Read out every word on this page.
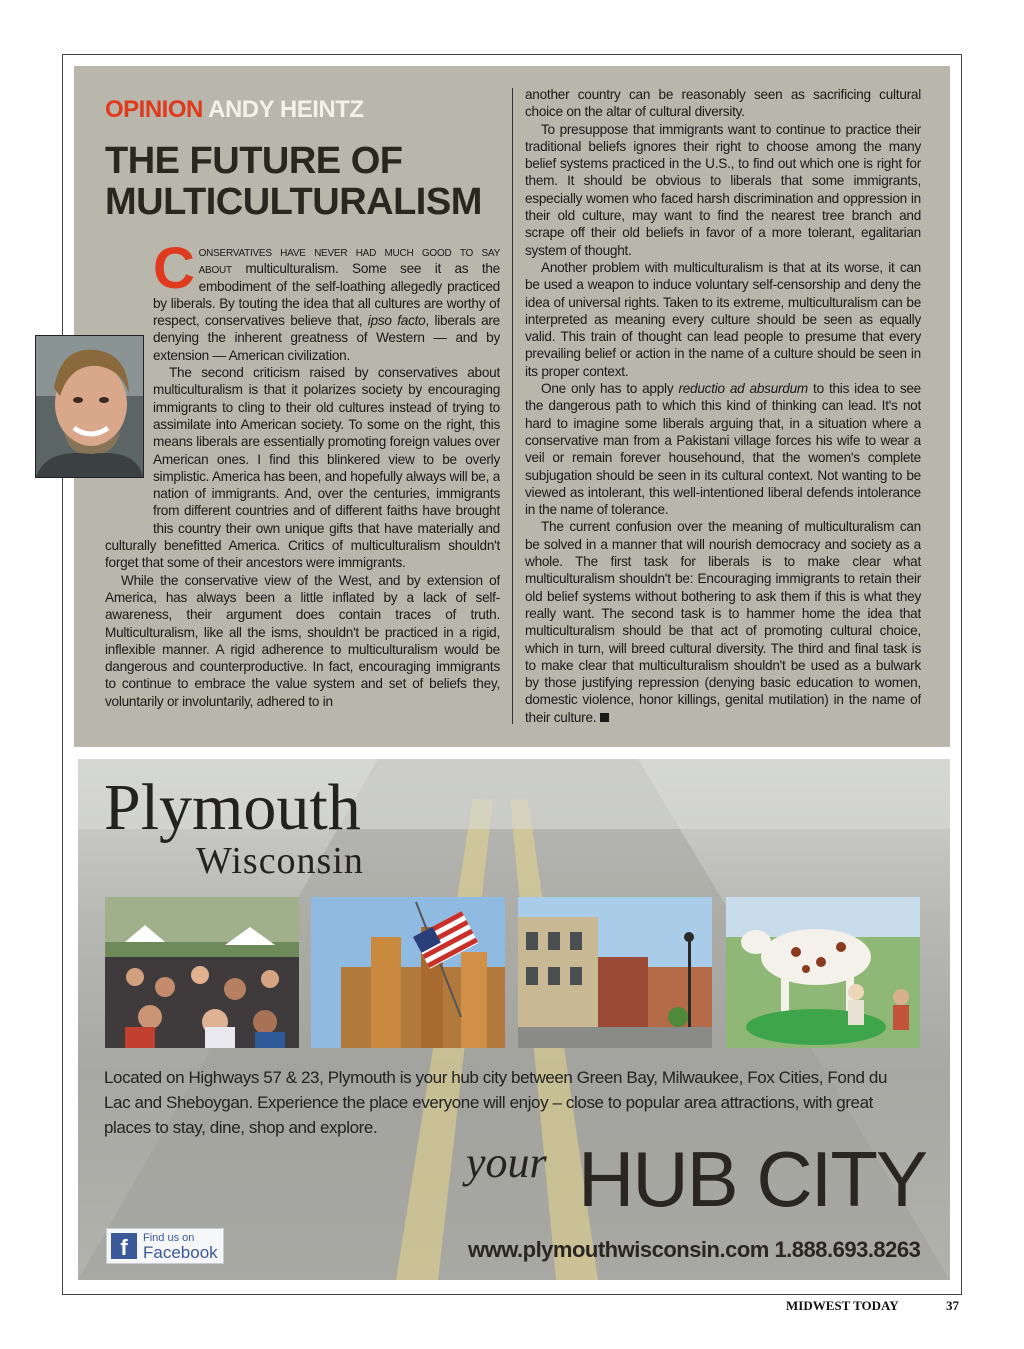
OPINION ANDY HEINTZ
THE FUTURE OF
MULTICULTURALISM

Conservatives have never had much good to say about multiculturalism. Some see it as the embodiment of the self-loathing allegedly practiced by liberals. By touting the idea that all cultures are worthy of respect, conservatives believe that, ipso facto, liberals are denying the inherent greatness of Western — and by extension — American civilization.

The second criticism raised by conservatives about multiculturalism is that it polarizes society by encouraging immigrants to cling to their old cultures instead of trying to assimilate into American society. To some on the right, this means liberals are essentially promoting foreign values over American ones. I find this blinkered view to be overly simplistic. America has been, and hopefully always will be, a nation of immigrants. And, over the centuries, immigrants from different countries and of different faiths have brought this country their own unique gifts that have materially and culturally benefitted America. Critics of multiculturalism shouldn't forget that some of their ancestors were immigrants.

While the conservative view of the West, and by extension of America, has always been a little inflated by a lack of self-awareness, their argument does contain traces of truth. Multiculturalism, like all the isms, shouldn't be practiced in a rigid, inflexible manner. A rigid adherence to multiculturalism would be dangerous and counterproductive. In fact, encouraging immigrants to continue to embrace the value system and set of beliefs they, voluntarily or involuntarily, adhered to in

another country can be reasonably seen as sacrificing cultural choice on the altar of cultural diversity.

To presuppose that immigrants want to continue to practice their traditional beliefs ignores their right to choose among the many belief systems practiced in the U.S., to find out which one is right for them. It should be obvious to liberals that some immigrants, especially women who faced harsh discrimination and oppression in their old culture, may want to find the nearest tree branch and scrape off their old beliefs in favor of a more tolerant, egalitarian system of thought.

Another problem with multiculturalism is that at its worse, it can be used a weapon to induce voluntary self-censorship and deny the idea of universal rights. Taken to its extreme, multiculturalism can be interpreted as meaning every culture should be seen as equally valid. This train of thought can lead people to presume that every prevailing belief or action in the name of a culture should be seen in its proper context.

One only has to apply reductio ad absurdum to this idea to see the dangerous path to which this kind of thinking can lead. It's not hard to imagine some liberals arguing that, in a situation where a conservative man from a Pakistani village forces his wife to wear a veil or remain forever househound, that the women's complete subjugation should be seen in its cultural context. Not wanting to be viewed as intolerant, this well-intentioned liberal defends intolerance in the name of tolerance.

The current confusion over the meaning of multiculturalism can be solved in a manner that will nourish democracy and society as a whole. The first task for liberals is to make clear what multiculturalism shouldn't be: Encouraging immigrants to retain their old belief systems without bothering to ask them if this is what they really want. The second task is to hammer home the idea that multiculturalism should be that act of promoting cultural choice, which in turn, will breed cultural diversity. The third and final task is to make clear that multiculturalism shouldn't be used as a bulwark by those justifying repression (denying basic education to women, domestic violence, honor killings, genital mutilation) in the name of their culture.

Plymouth
Wisconsin
Located on Highways 57 & 23, Plymouth is your hub city between Green Bay, Milwaukee, Fox Cities, Fond du Lac and Sheboygan. Experience the place everyone will enjoy – close to popular area attractions, with great places to stay, dine, shop and explore.
your HUB CITY
f	Find us on
Facebook	www.plymouthwisconsin.com 1.888.693.8263
MIDWEST TODAY	37
